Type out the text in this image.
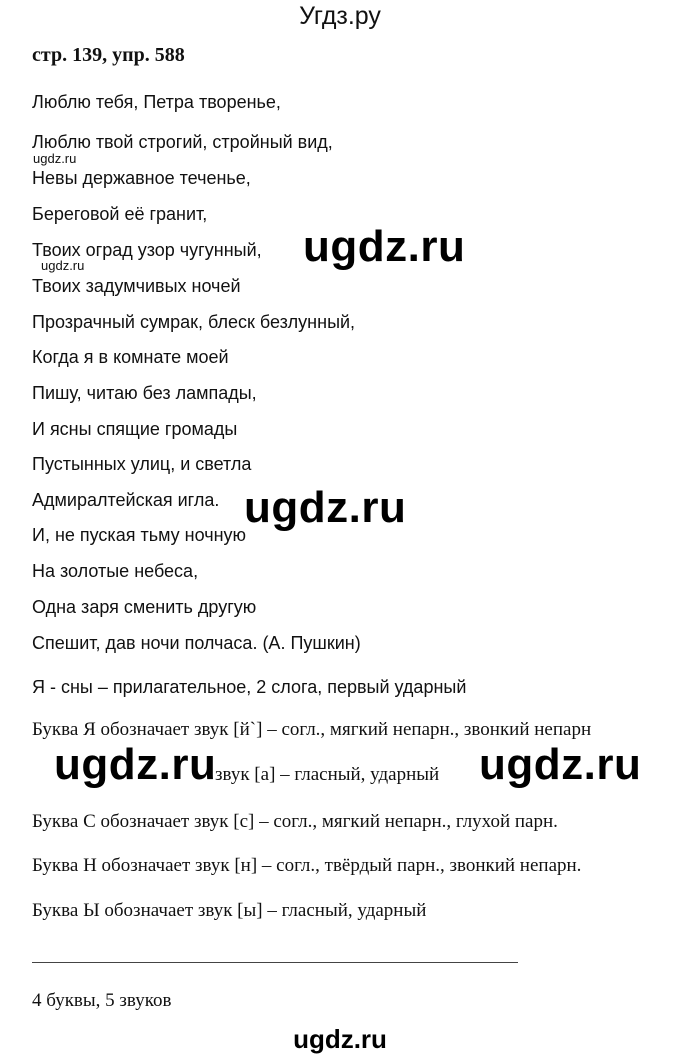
Угдз.ру
стр. 139, упр. 588
Люблю тебя, Петра творенье,
Люблю твой строгий, стройный вид,
Невы державное теченье,
Береговой её гранит,
Твоих оград узор чугунный,
Твоих задумчивых ночей
Прозрачный сумрак, блеск безлунный,
Когда я в комнате моей
Пишу, читаю без лампады,
И ясны спящие громады
Пустынных улиц, и светла
Адмиралтейская игла.
И, не пуская тьму ночную
На золотые небеса,
Одна заря сменить другую
Спешит, дав ночи полчаса. (А. Пушкин)
Я - сны – прилагательное, 2 слога, первый ударный
Буква Я обозначает звук [й`] – согл., мягкий непарн., звонкий непарн
звук [а] – гласный, ударный
Буква С обозначает звук [с] – согл., мягкий непарн., глухой парн.
Буква Н обозначает звук [н] – согл., твёрдый парн., звонкий непарн.
Буква Ы обозначает звук [ы] – гласный, ударный
4 буквы, 5 звуков
ugdz.ru
ugdz.ru	ugdz.ru
ugdz.ru
ugdz.ru	ugdz.ru
ugdz.ru
